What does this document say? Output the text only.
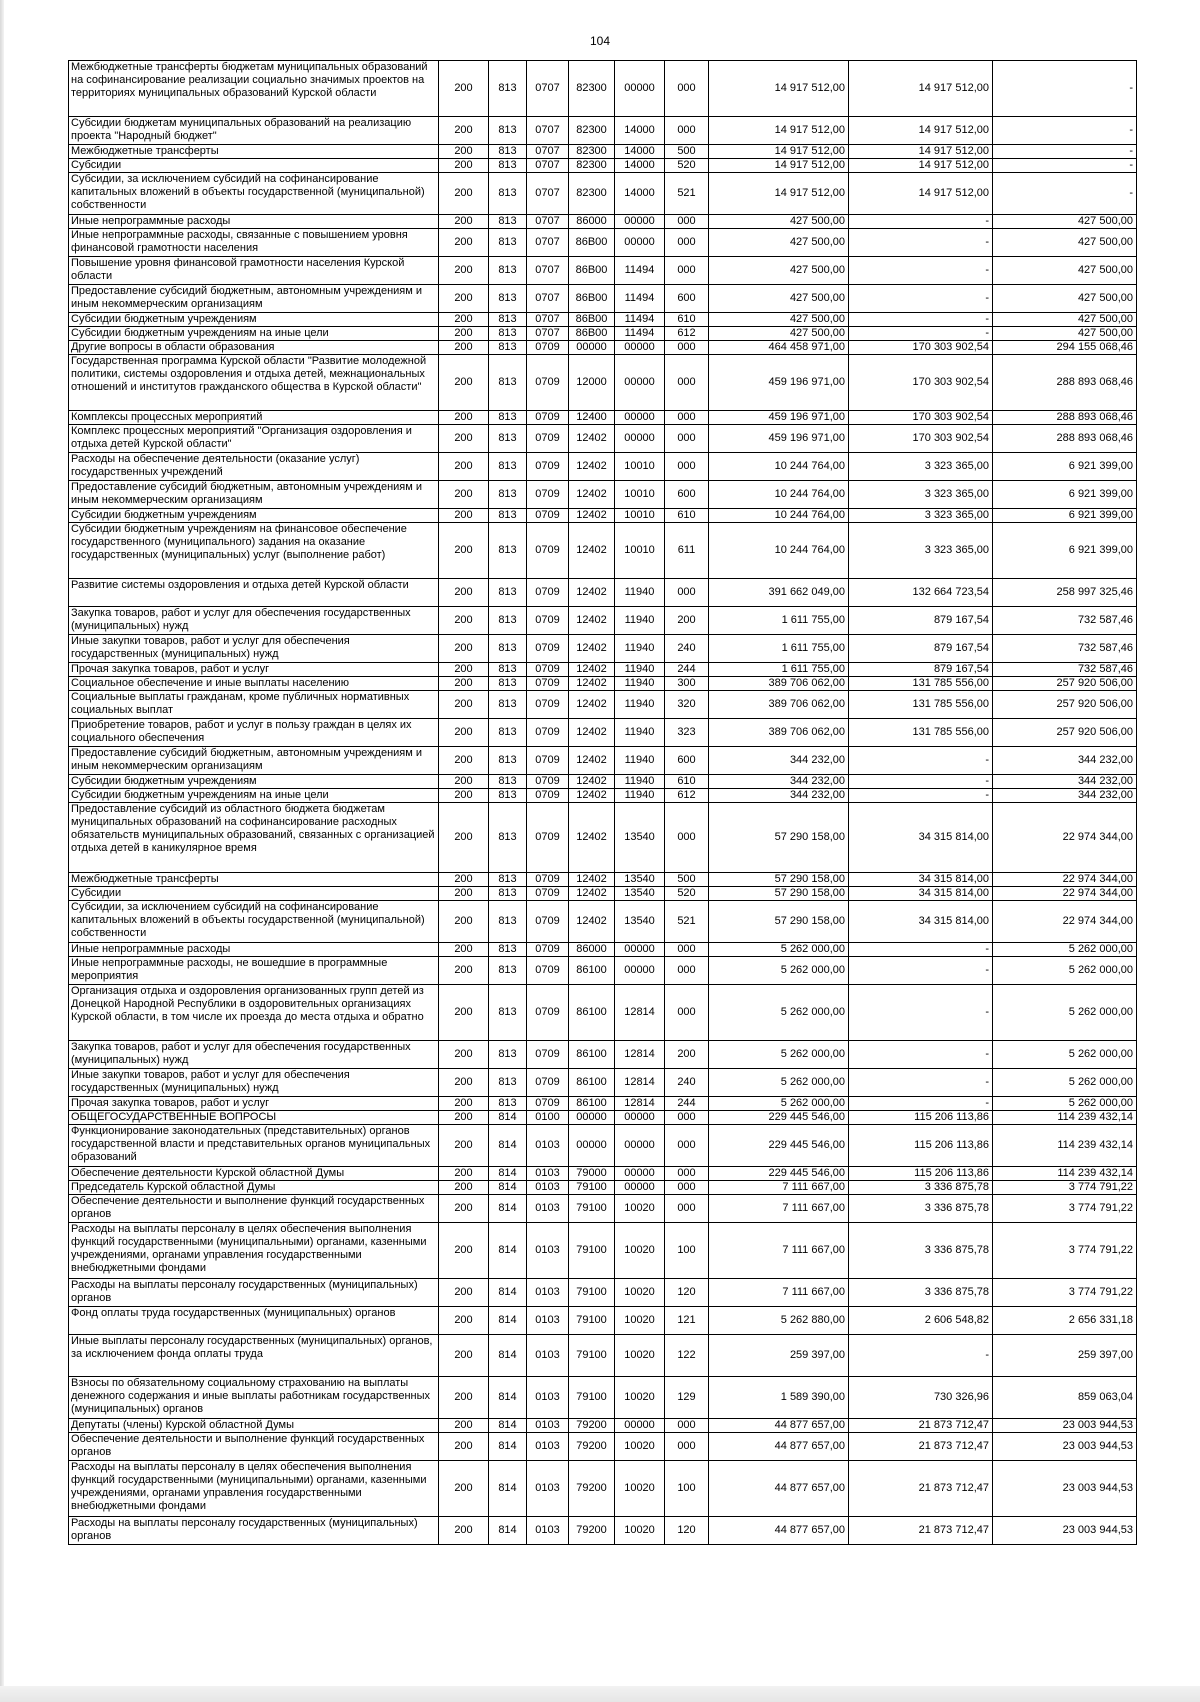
104
Межбюджетные трансферты бюджетам муниципальных образований на софинансирование реализации социально значимых проектов на территориях муниципальных образований Курской области	200	813	0707	82300	00000	000	14 917 512,00	14 917 512,00	-
Субсидии бюджетам муниципальных образований на реализацию проекта "Народный бюджет"	200	813	0707	82300	14000	000	14 917 512,00	14 917 512,00	-
Межбюджетные трансферты	200	813	0707	82300	14000	500	14 917 512,00	14 917 512,00	-
Субсидии	200	813	0707	82300	14000	520	14 917 512,00	14 917 512,00	-
Субсидии, за исключением субсидий на софинансирование капитальных вложений в объекты государственной (муниципальной) собственности	200	813	0707	82300	14000	521	14 917 512,00	14 917 512,00	-
Иные непрограммные расходы	200	813	0707	86000	00000	000	427 500,00	-	427 500,00
Иные непрограммные расходы, связанные с повышением уровня финансовой грамотности населения	200	813	0707	86В00	00000	000	427 500,00	-	427 500,00
Повышение уровня финансовой грамотности населения Курской области	200	813	0707	86В00	11494	000	427 500,00	-	427 500,00
Предоставление субсидий бюджетным, автономным учреждениям и иным некоммерческим организациям	200	813	0707	86В00	11494	600	427 500,00	-	427 500,00
Субсидии бюджетным учреждениям	200	813	0707	86В00	11494	610	427 500,00	-	427 500,00
Субсидии бюджетным учреждениям на иные цели	200	813	0707	86В00	11494	612	427 500,00	-	427 500,00
Другие вопросы в области образования	200	813	0709	00000	00000	000	464 458 971,00	170 303 902,54	294 155 068,46
Государственная программа Курской области "Развитие молодежной политики, системы оздоровления и отдыха детей, межнациональных отношений и институтов гражданского общества в Курской области"	200	813	0709	12000	00000	000	459 196 971,00	170 303 902,54	288 893 068,46
Комплексы процессных мероприятий	200	813	0709	12400	00000	000	459 196 971,00	170 303 902,54	288 893 068,46
Комплекс процессных мероприятий "Организация оздоровления и отдыха детей Курской области"	200	813	0709	12402	00000	000	459 196 971,00	170 303 902,54	288 893 068,46
Расходы на обеспечение деятельности (оказание услуг) государственных учреждений	200	813	0709	12402	10010	000	10 244 764,00	3 323 365,00	6 921 399,00
Предоставление субсидий бюджетным, автономным учреждениям и иным некоммерческим организациям	200	813	0709	12402	10010	600	10 244 764,00	3 323 365,00	6 921 399,00
Субсидии бюджетным учреждениям	200	813	0709	12402	10010	610	10 244 764,00	3 323 365,00	6 921 399,00
Субсидии бюджетным учреждениям на финансовое обеспечение государственного (муниципального) задания на оказание государственных (муниципальных) услуг (выполнение работ)	200	813	0709	12402	10010	611	10 244 764,00	3 323 365,00	6 921 399,00
Развитие системы оздоровления и отдыха детей Курской области	200	813	0709	12402	11940	000	391 662 049,00	132 664 723,54	258 997 325,46
Закупка товаров, работ и услуг для обеспечения государственных (муниципальных) нужд	200	813	0709	12402	11940	200	1 611 755,00	879 167,54	732 587,46
Иные закупки товаров, работ и услуг для обеспечения государственных (муниципальных) нужд	200	813	0709	12402	11940	240	1 611 755,00	879 167,54	732 587,46
Прочая закупка товаров, работ и услуг	200	813	0709	12402	11940	244	1 611 755,00	879 167,54	732 587,46
Социальное обеспечение и иные выплаты населению	200	813	0709	12402	11940	300	389 706 062,00	131 785 556,00	257 920 506,00
Социальные выплаты гражданам, кроме публичных нормативных социальных выплат	200	813	0709	12402	11940	320	389 706 062,00	131 785 556,00	257 920 506,00
Приобретение товаров, работ и услуг в пользу граждан в целях их социального обеспечения	200	813	0709	12402	11940	323	389 706 062,00	131 785 556,00	257 920 506,00
Предоставление субсидий бюджетным, автономным учреждениям и иным некоммерческим организациям	200	813	0709	12402	11940	600	344 232,00	-	344 232,00
Субсидии бюджетным учреждениям	200	813	0709	12402	11940	610	344 232,00	-	344 232,00
Субсидии бюджетным учреждениям на иные цели	200	813	0709	12402	11940	612	344 232,00	-	344 232,00
Предоставление субсидий из областного бюджета бюджетам муниципальных образований на софинансирование расходных обязательств муниципальных образований, связанных с организацией отдыха детей в каникулярное время	200	813	0709	12402	13540	000	57 290 158,00	34 315 814,00	22 974 344,00
Межбюджетные трансферты	200	813	0709	12402	13540	500	57 290 158,00	34 315 814,00	22 974 344,00
Субсидии	200	813	0709	12402	13540	520	57 290 158,00	34 315 814,00	22 974 344,00
Субсидии, за исключением субсидий на софинансирование капитальных вложений в объекты государственной (муниципальной) собственности	200	813	0709	12402	13540	521	57 290 158,00	34 315 814,00	22 974 344,00
Иные непрограммные расходы	200	813	0709	86000	00000	000	5 262 000,00	-	5 262 000,00
Иные непрограммные расходы, не вошедшие в программные мероприятия	200	813	0709	86100	00000	000	5 262 000,00	-	5 262 000,00
Организация отдыха и оздоровления организованных групп детей из Донецкой Народной Республики в оздоровительных организациях Курской области, в том числе их проезда до места отдыха и обратно	200	813	0709	86100	12814	000	5 262 000,00	-	5 262 000,00
Закупка товаров, работ и услуг для обеспечения государственных (муниципальных) нужд	200	813	0709	86100	12814	200	5 262 000,00	-	5 262 000,00
Иные закупки товаров, работ и услуг для обеспечения государственных (муниципальных) нужд	200	813	0709	86100	12814	240	5 262 000,00	-	5 262 000,00
Прочая закупка товаров, работ и услуг	200	813	0709	86100	12814	244	5 262 000,00	-	5 262 000,00
ОБЩЕГОСУДАРСТВЕННЫЕ ВОПРОСЫ	200	814	0100	00000	00000	000	229 445 546,00	115 206 113,86	114 239 432,14
Функционирование законодательных (представительных) органов государственной власти и представительных органов муниципальных образований	200	814	0103	00000	00000	000	229 445 546,00	115 206 113,86	114 239 432,14
Обеспечение деятельности Курской областной Думы	200	814	0103	79000	00000	000	229 445 546,00	115 206 113,86	114 239 432,14
Председатель Курской областной Думы	200	814	0103	79100	00000	000	7 111 667,00	3 336 875,78	3 774 791,22
Обеспечение деятельности и выполнение функций государственных органов	200	814	0103	79100	10020	000	7 111 667,00	3 336 875,78	3 774 791,22
Расходы на выплаты персоналу в целях обеспечения выполнения функций государственными (муниципальными) органами, казенными учреждениями, органами управления государственными внебюджетными фондами	200	814	0103	79100	10020	100	7 111 667,00	3 336 875,78	3 774 791,22
Расходы на выплаты персоналу государственных (муниципальных) органов	200	814	0103	79100	10020	120	7 111 667,00	3 336 875,78	3 774 791,22
Фонд оплаты труда государственных (муниципальных) органов	200	814	0103	79100	10020	121	5 262 880,00	2 606 548,82	2 656 331,18
Иные выплаты персоналу государственных (муниципальных) органов, за исключением фонда оплаты труда	200	814	0103	79100	10020	122	259 397,00	-	259 397,00
Взносы по обязательному социальному страхованию на выплаты денежного содержания и иные выплаты работникам государственных (муниципальных) органов	200	814	0103	79100	10020	129	1 589 390,00	730 326,96	859 063,04
Депутаты (члены) Курской областной Думы	200	814	0103	79200	00000	000	44 877 657,00	21 873 712,47	23 003 944,53
Обеспечение деятельности и выполнение функций государственных органов	200	814	0103	79200	10020	000	44 877 657,00	21 873 712,47	23 003 944,53
Расходы на выплаты персоналу в целях обеспечения выполнения функций государственными (муниципальными) органами, казенными учреждениями, органами управления государственными внебюджетными фондами	200	814	0103	79200	10020	100	44 877 657,00	21 873 712,47	23 003 944,53
Расходы на выплаты персоналу государственных (муниципальных) органов	200	814	0103	79200	10020	120	44 877 657,00	21 873 712,47	23 003 944,53
